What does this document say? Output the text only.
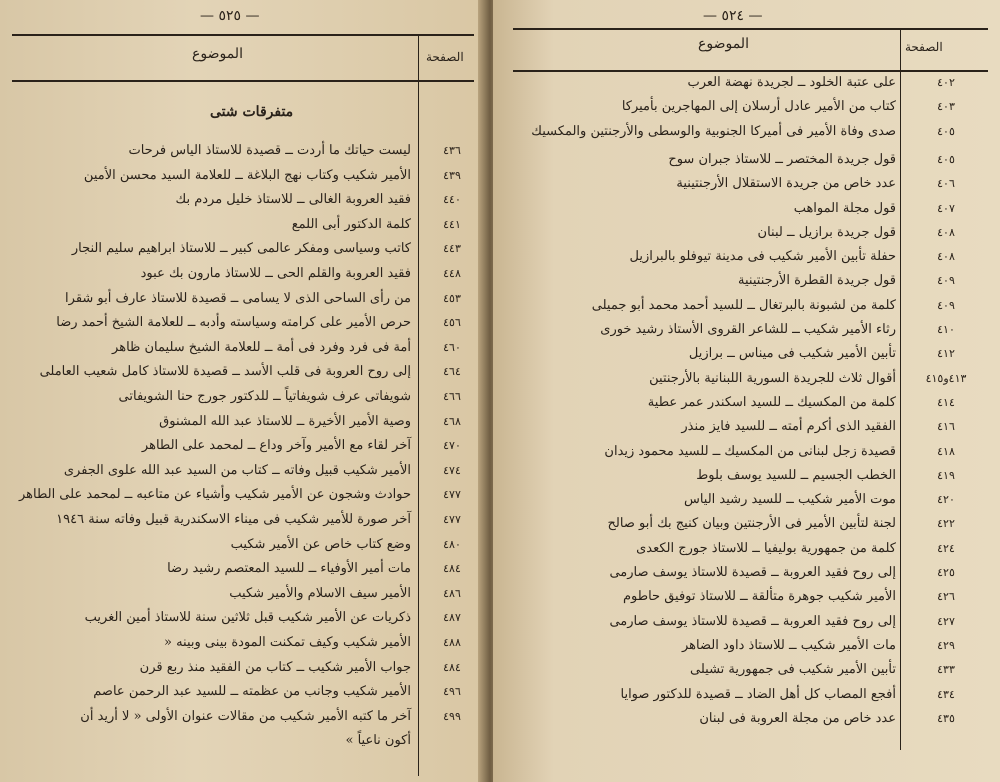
— ٥٢٥ —
الموضوع	الصفحة
متفرقات شتى
ليست حياتك ما أردت ــ قصيدة للاستاذ الياس فرحات	٤٣٦
الأمير شكيب وكتاب نهج البلاغة ــ للعلامة السيد محسن الأمين	٤٣٩
فقيد العروبة الغالى ــ للاستاذ خليل مردم بك	٤٤٠
كلمة الدكتور أبى اللمع	٤٤١
كاتب وسياسى ومفكر عالمى كبير ــ للاستاذ ابراهيم سليم النجار	٤٤٣
فقيد العروبة والقلم الحى ــ للاستاذ مارون بك عبود	٤٤٨
من رأى الساحى الذى لا يسامى ــ قصيدة للاستاذ عارف أبو شقرا	٤٥٣
حرص الأمير على كرامته وسياسته وأدبه ــ للعلامة الشيخ أحمد رضا	٤٥٦
أمة فى فرد وفرد فى أمة ــ للعلامة الشيخ سليمان ظاهر	٤٦٠
إلى روح العروبة فى قلب الأسد ــ قصيدة للاستاذ كامل شعيب العاملى	٤٦٤
شويفاتى عرف شويفاتياً ــ للدكتور جورج حنا الشويفاتى	٤٦٦
وصية الأمير الأخيرة ــ للاستاذ عبد الله المشنوق	٤٦٨
آخر لقاء مع الأمير وآخر وداع ــ لمحمد على الطاهر	٤٧٠
الأمير شكيب قبيل وفاته ــ كتاب من السيد عبد الله علوى الجفرى	٤٧٤
حوادث وشجون عن الأمير شكيب وأشياء عن متاعبه ــ لمحمد على الطاهر	٤٧٧
آخر صورة للأمير شكيب فى ميناء الاسكندرية قبيل وفاته سنة ١٩٤٦	٤٧٧
وضع كتاب خاص عن الأمير شكيب	٤٨٠
مات أمير الأوفياء ــ للسيد المعتصم رشيد رضا	٤٨٤
الأمير سيف الاسلام والأمير شكيب	٤٨٦
ذكريات عن الأمير شكيب قبل ثلاثين سنة للاستاذ أمين الغريب	٤٨٧
الأمير شكيب وكيف تمكنت المودة بينى وبينه «	٤٨٨
جواب الأمير شكيب ــ كتاب من الفقيد منذ ربع قرن	٤٨٤
الأمير شكيب وجانب من عظمته ــ للسيد عبد الرحمن عاصم	٤٩٦
آخر ما كتبه الأمير شكيب من مقالات عنوان الأولى « لا أريد أن	٤٩٩
أكون ناعياً »
— ٥٢٤ —
الموضوع	الصفحة
على عتبة الخلود ــ لجريدة نهضة العرب	٤٠٢
كتاب من الأمير عادل أرسلان إلى المهاجرين بأميركا	٤٠٣
صدى وفاة الأمير فى أميركا الجنوبية والوسطى والأرجنتين والمكسيك	٤٠٥
قول جريدة المختصر ــ للاستاذ جبران سوح	٤٠٥
عدد خاص من جريدة الاستقلال الأرجنتينية	٤٠٦
قول مجلة المواهب	٤٠٧
قول جريدة برازيل ــ لبنان	٤٠٨
حفلة تأبين الأمير شكيب فى مدينة تيوفلو بالبرازيل	٤٠٨
قول جريدة القطرة الأرجنتينية	٤٠٩
كلمة من لشبونة بالبرتغال ــ للسيد أحمد محمد أبو جميلى	٤٠٩
رثاء الأمير شكيب ــ للشاعر القروى الأستاذ رشيد خورى	٤١٠
تأبين الأمير شكيب فى ميناس ــ برازيل	٤١٢
أقوال ثلاث للجريدة السورية اللبنانية بالأرجنتين	٤١٣و٤١٥
كلمة من المكسيك ــ للسيد اسكندر عمر عطية	٤١٤
الفقيد الذى أكرم أمته ــ للسيد فايز منذر	٤١٦
قصيدة زجل لبنانى من المكسيك ــ للسيد محمود زيدان	٤١٨
الخطب الجسيم ــ للسيد يوسف بلوط	٤١٩
موت الأمير شكيب ــ للسيد رشيد الياس	٤٢٠
لجنة لتأبين الأمير فى الأرجنتين وبيان كنيج بك أبو صالح	٤٢٢
كلمة من جمهورية بوليفيا ــ للاستاذ جورج الكعدى	٤٢٤
إلى روح فقيد العروبة ــ قصيدة للاستاذ يوسف صارمى	٤٢٥
الأمير شكيب جوهرة متألقة ــ للاستاذ توفيق حاطوم	٤٢٦
إلى روح فقيد العروبة ــ قصيدة للاستاذ يوسف صارمى	٤٢٧
مات الأمير شكيب ــ للاستاذ داود الضاهر	٤٢٩
تأبين الأمير شكيب فى جمهورية تشيلى	٤٣٣
أفجع المصاب كل أهل الضاد ــ قصيدة للدكتور صوايا	٤٣٤
عدد خاص من مجلة العروبة فى لبنان	٤٣٥
